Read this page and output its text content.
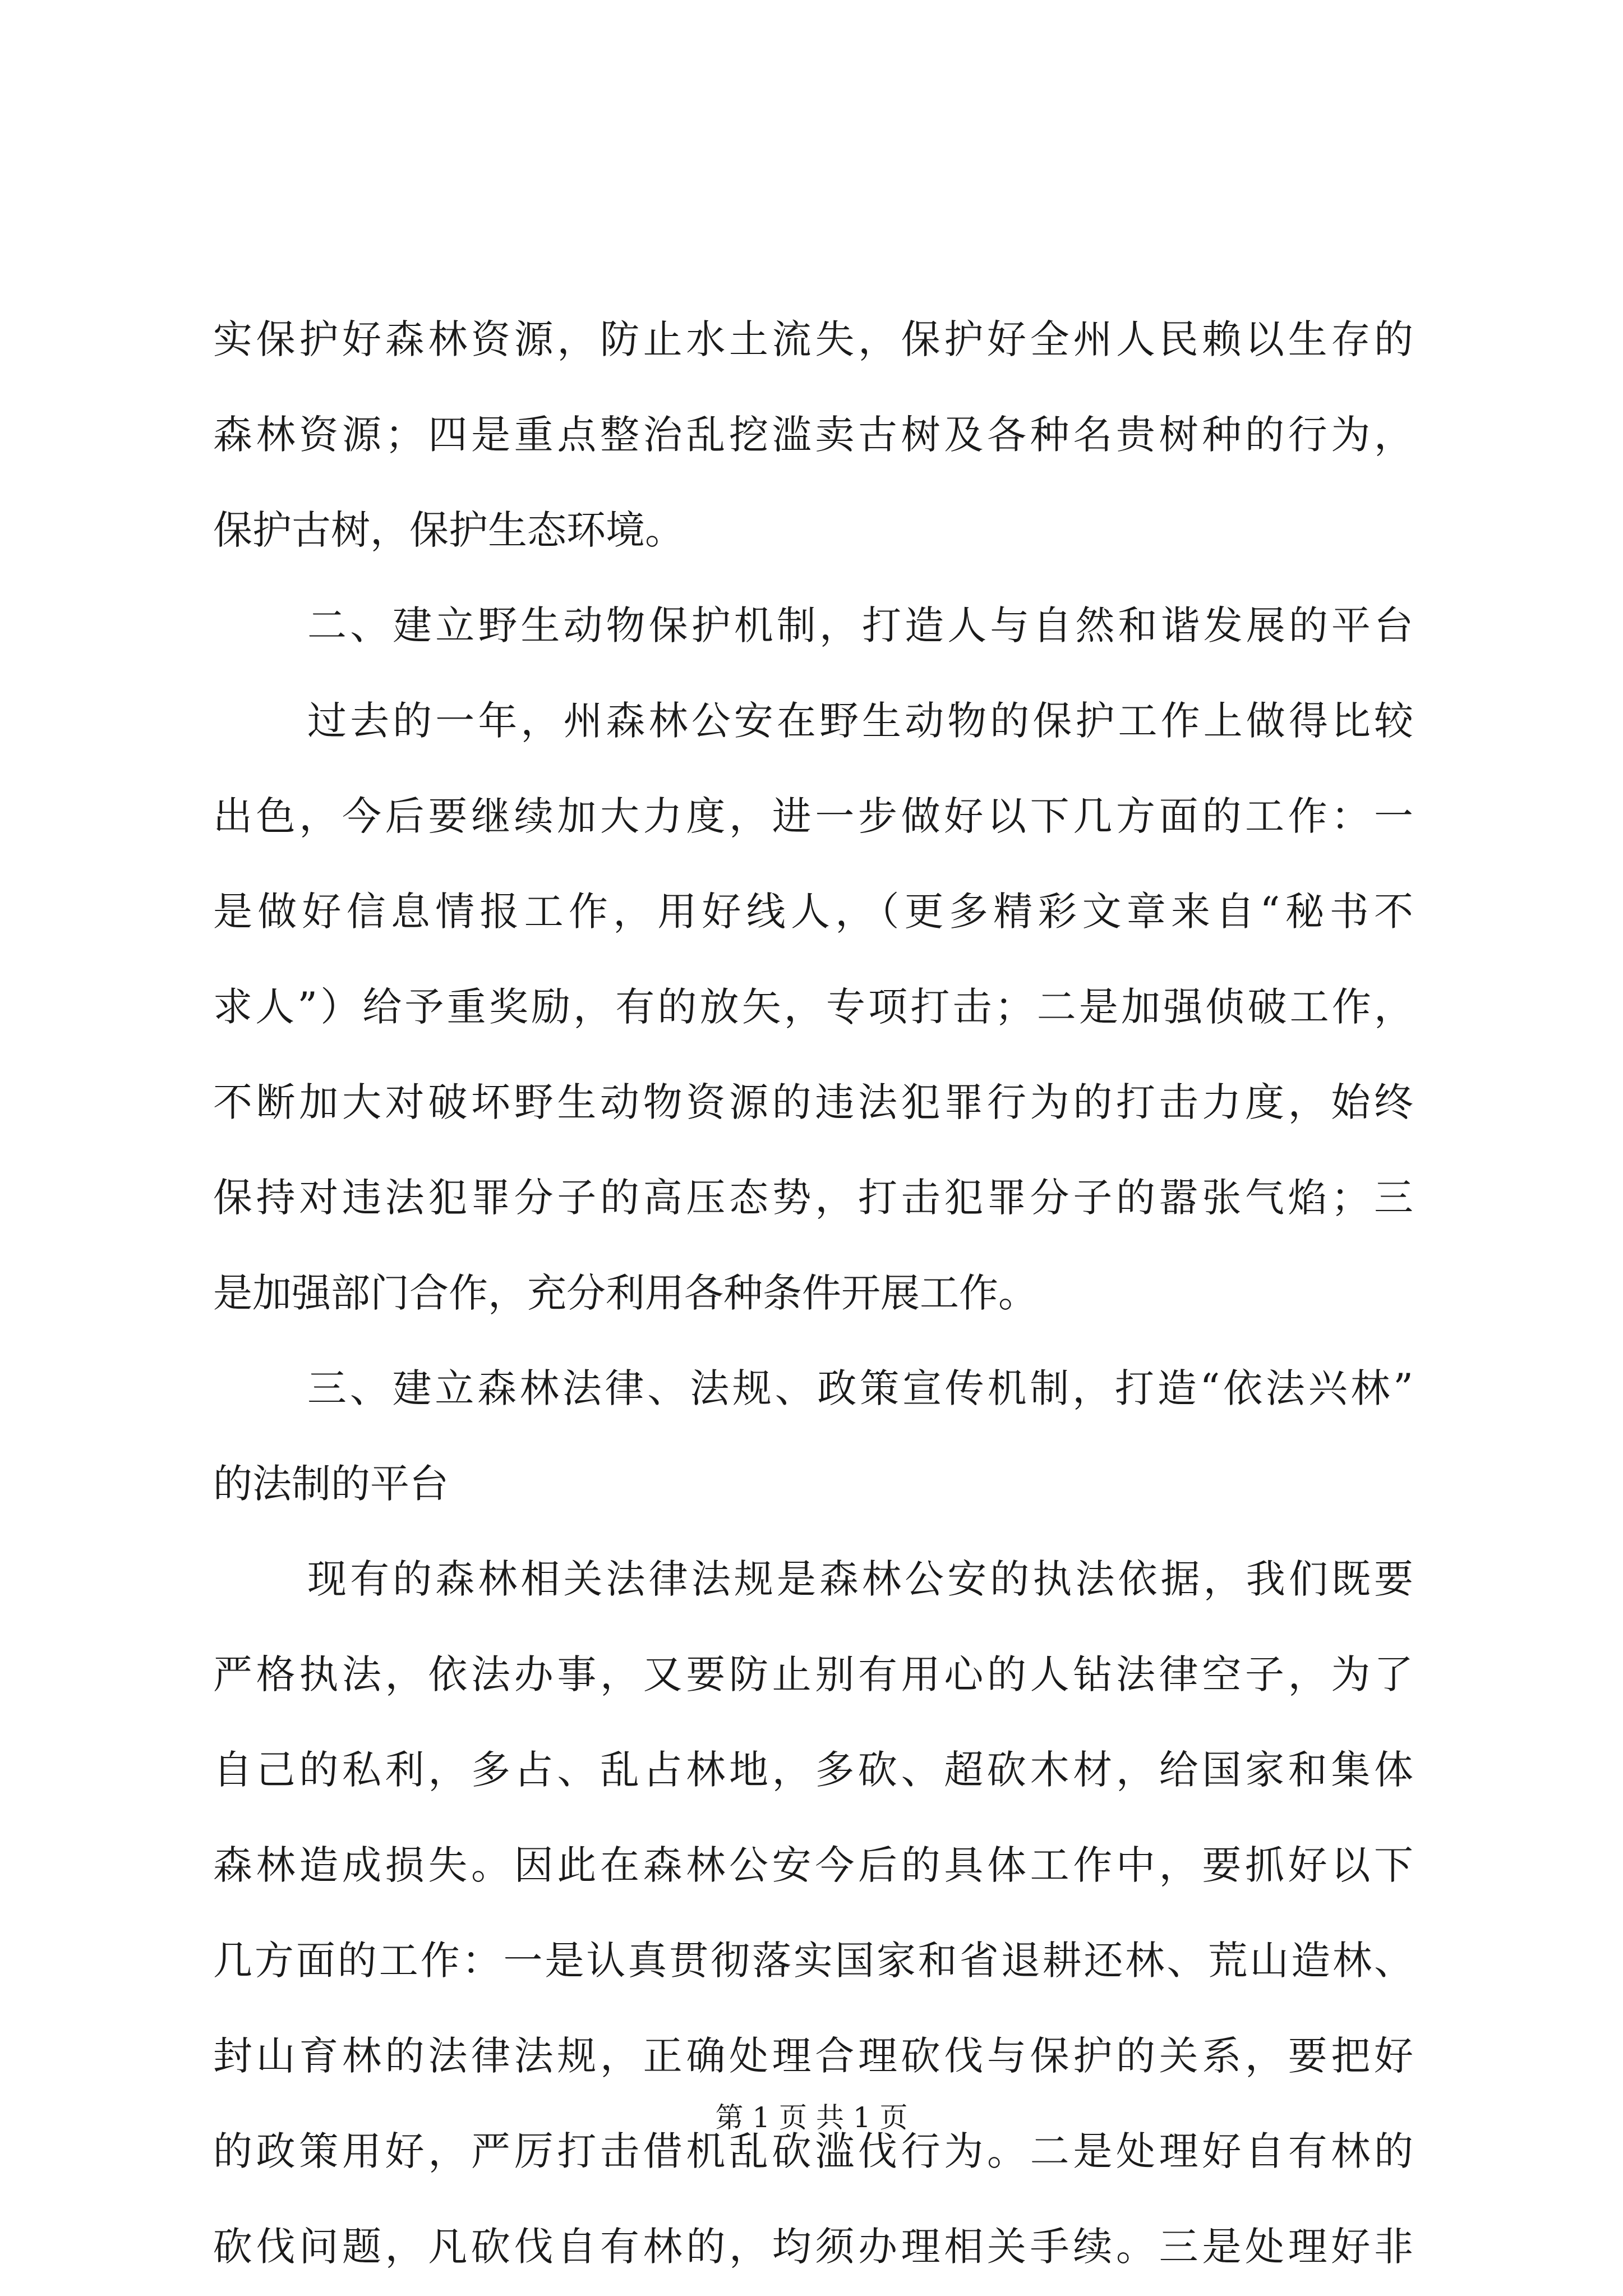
实保护好森林资源，防止水土流失，保护好全州人民赖以生存的
森林资源；四是重点整治乱挖滥卖古树及各种名贵树种的行为，
保护古树，保护生态环境。
二、建立野生动物保护机制，打造人与自然和谐发展的平台
过去的一年，州森林公安在野生动物的保护工作上做得比较
出色，今后要继续加大力度，进一步做好以下几方面的工作：一
是做好信息情报工作，用好线人，（更多精彩文章来自“秘书不
求人”）给予重奖励，有的放矢，专项打击；二是加强侦破工作，
不断加大对破坏野生动物资源的违法犯罪行为的打击力度，始终
保持对违法犯罪分子的高压态势，打击犯罪分子的嚣张气焰；三
是加强部门合作，充分利用各种条件开展工作。
三、建立森林法律、法规、政策宣传机制，打造“依法兴林”
的法制的平台
现有的森林相关法律法规是森林公安的执法依据，我们既要
严格执法，依法办事，又要防止别有用心的人钻法律空子，为了
自己的私利，多占、乱占林地，多砍、超砍木材，给国家和集体
森林造成损失。因此在森林公安今后的具体工作中，要抓好以下
几方面的工作：一是认真贯彻落实国家和省退耕还林、荒山造林、
封山育林的法律法规，正确处理合理砍伐与保护的关系，要把好
的政策用好，严厉打击借机乱砍滥伐行为。二是处理好自有林的
砍伐问题，凡砍伐自有林的，均须办理相关手续。三是处理好非
第 1 页 共 1 页
